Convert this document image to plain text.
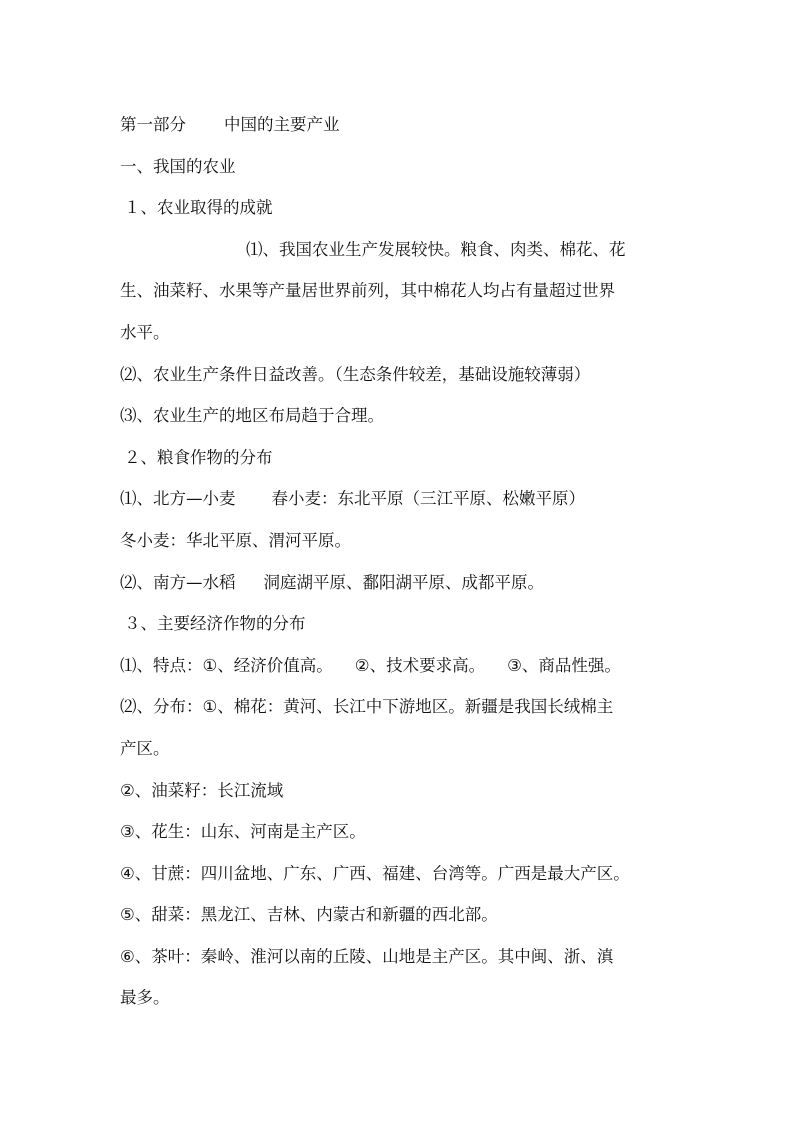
第一部分 中国的主要产业

一、我国的农业

１、农业取得的成就

⑴、我国农业生产发展较快。粮食、肉类、棉花、花

生、油菜籽、水果等产量居世界前列，其中棉花人均占有量超过世界

水平。

⑵、农业生产条件日益改善。（生态条件较差，基础设施较薄弱）

⑶、农业生产的地区布局趋于合理。

２、粮食作物的分布

⑴、北方—小麦 春小麦：东北平原（三江平原、松嫩平原）

冬小麦：华北平原、渭河平原。

⑵、南方—水稻 洞庭湖平原、鄱阳湖平原、成都平原。

３、主要经济作物的分布

⑴、特点：①、经济价值高。 ②、技术要求高。 ③、商品性强。

⑵、分布：①、棉花：黄河、长江中下游地区。新疆是我国长绒棉主

产区。

②、油菜籽：长江流域

③、花生：山东、河南是主产区。

④、甘蔗：四川盆地、广东、广西、福建、台湾等。广西是最大产区。

⑤、甜菜：黑龙江、吉林、内蒙古和新疆的西北部。

⑥、茶叶：秦岭、淮河以南的丘陵、山地是主产区。其中闽、浙、滇

最多。
